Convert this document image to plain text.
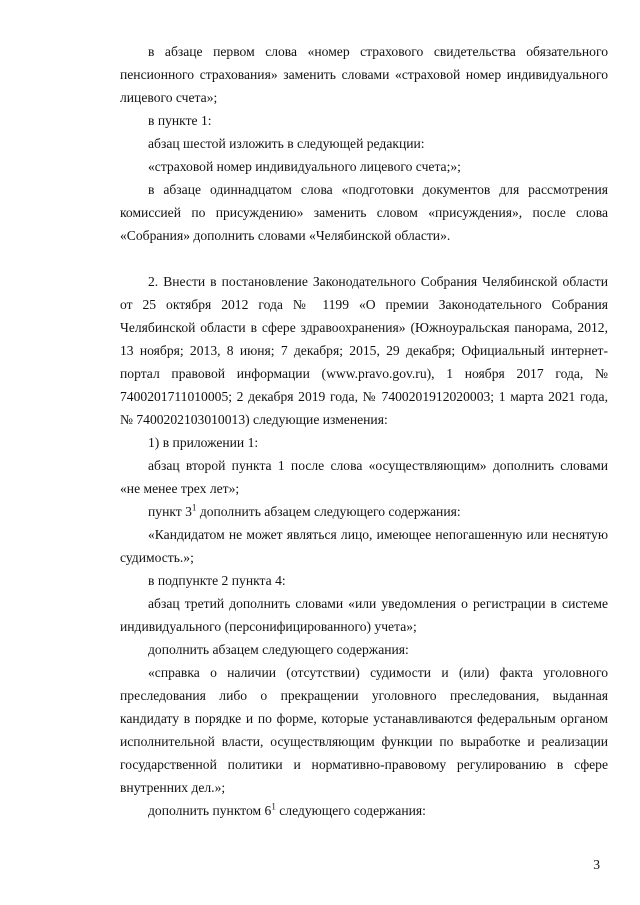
в абзаце первом слова «номер страхового свидетельства обязательного пенсионного страхования» заменить словами «страховой номер индивидуального лицевого счета»;

в пункте 1:

абзац шестой изложить в следующей редакции:

«страховой номер индивидуального лицевого счета;»;

в абзаце одиннадцатом слова «подготовки документов для рассмотрения комиссией по присуждению» заменить словом «присуждения», после слова «Собрания» дополнить словами «Челябинской области».

2. Внести в постановление Законодательного Собрания Челябинской области от 25 октября 2012 года № 1199 «О премии Законодательного Собрания Челябинской области в сфере здравоохранения» (Южноуральская панорама, 2012, 13 ноября; 2013, 8 июня; 7 декабря; 2015, 29 декабря; Официальный интернет-портал правовой информации (www.pravo.gov.ru), 1 ноября 2017 года, № 7400201711010005; 2 декабря 2019 года, № 7400201912020003; 1 марта 2021 года, № 7400202103010013) следующие изменения:

1) в приложении 1:

абзац второй пункта 1 после слова «осуществляющим» дополнить словами «не менее трех лет»;

пункт $3^1$ дополнить абзацем следующего содержания:

«Кандидатом не может являться лицо, имеющее непогашенную или неснятую судимость.»;

в подпункте 2 пункта 4:

абзац третий дополнить словами «или уведомления о регистрации в системе индивидуального (персонифицированного) учета»;

дополнить абзацем следующего содержания:

«справка о наличии (отсутствии) судимости и (или) факта уголовного преследования либо о прекращении уголовного преследования, выданная кандидату в порядке и по форме, которые устанавливаются федеральным органом исполнительной власти, осуществляющим функции по выработке и реализации государственной политики и нормативно-правовому регулированию в сфере внутренних дел.»;

дополнить пунктом $6^1$ следующего содержания:

3
